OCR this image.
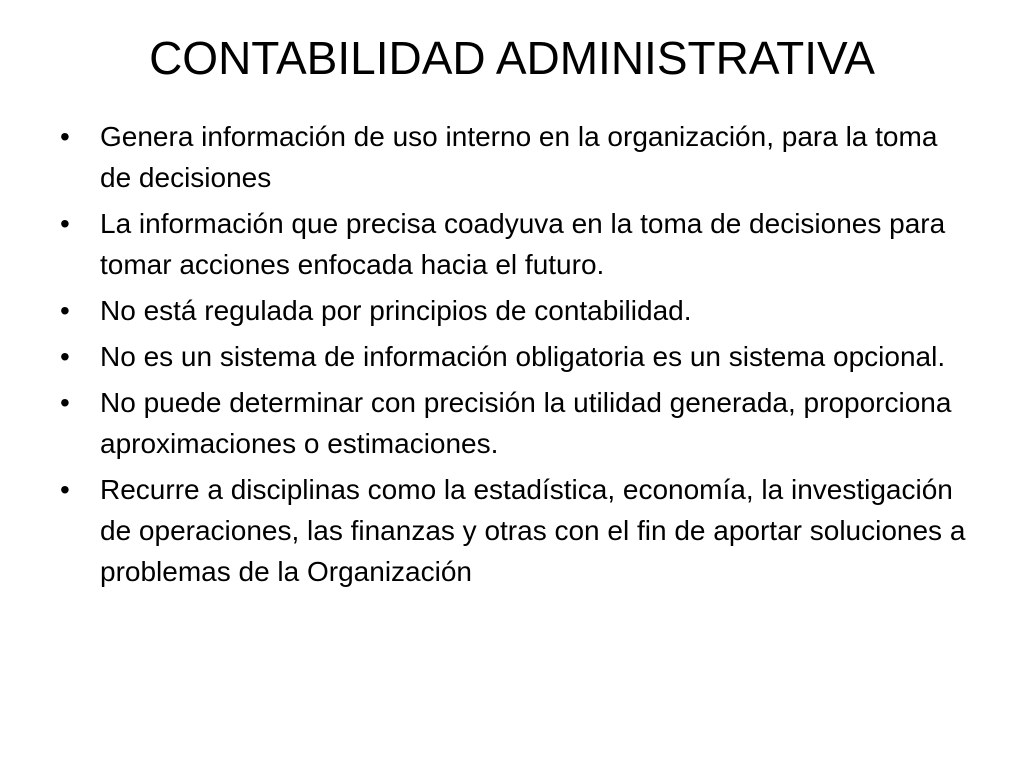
CONTABILIDAD ADMINISTRATIVA
• Genera información de uso interno en la organización, para la toma de decisiones
• La información que precisa coadyuva en la toma de decisiones para tomar acciones enfocada hacia el futuro.
• No está regulada por principios de contabilidad.
• No es un sistema de información obligatoria es un sistema opcional.
• No puede determinar con precisión la utilidad generada, proporciona aproximaciones o estimaciones.
• Recurre a disciplinas como la estadística, economía, la investigación de operaciones, las finanzas y otras con el fin de aportar soluciones a problemas de la Organización
